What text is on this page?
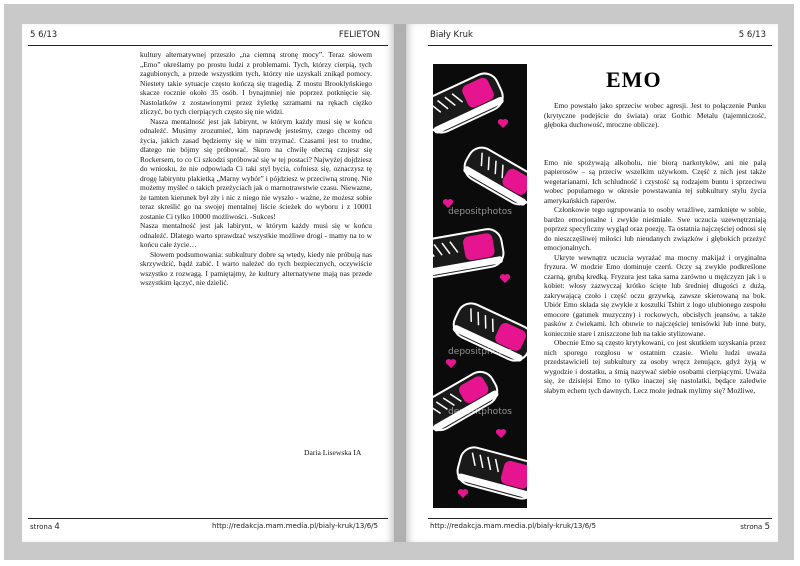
5 6/13	FELIETON

kultury alternatywnej przeszło „na ciemną stronę mocy”. Teraz słowem „Emo” określamy po prostu ludzi z problemami. Tych, którzy cierpią, tych zagubionych, a przede wszystkim tych, którzy nie uzyskali znikąd pomocy. Niestety takie sytuacje często kończą się tragedią. Z mostu Brooklyńskiego skacze rocznie około 35 osób. I bynajmniej nie poprzez potknięcie się. Nastolatków z zostawionymi przez żyletkę szramami na rękach ciężko zliczyć, bo tych cierpiących często się nie widzi.

Nasza mentalność jest jak labirynt, w którym każdy musi się w końcu odnaleźć. Musimy zrozumieć, kim naprawdę jesteśmy, czego chcemy od życia, jakich zasad będziemy się w nim trzymać. Czasami jest to trudne, dlatego nie bójmy się próbować. Skoro na chwilę obecną czujesz się Rockersem, to co Ci szkodzi spróbować się w tej postaci? Najwyżej dojdziesz do wniosku, że nie odpowiada Ci taki styl bycia, cofniesz się, oznaczysz tę drogę labiryntu plakietką „Marny wybór” i pójdziesz w przeciwną stronę. Nie możemy myśleć o takich przeżyciach jak o marnotrawstwie czasu. Niewazne, że tamten kierunek był zły i nic z niego nie wyszło - ważne, że możesz sobie teraz skreślić go na swojej mentalnej liście ścieżek do wyboru i z 10001 zostanie Ci tylko 10000 możliwości. -Sukces!

Nasza mentalność jest jak labirynt, w którym każdy musi się w końcu odnaleźć. Dlatego warto sprawdzać wszystkie możliwe drogi - mamy na to w końcu całe życie…

Słowem podsumowania: subkultury dobre są wtedy, kiedy nie próbują nas skrzywdzić, bądź zabić. I warto należeć do tych bezpiecznych, oczywiście wszystko z rozwagą. I pamiętajmy, że kultury alternatywne mają nas przede wszystkim łączyć, nie dzielić.

Daria Lisewska IA
strona 4	http://redakcja.mam.media.pl/bialy-kruk/13/6/5
Biały Kruk	5 6/13
depositphotos
depositphotos
depositphotos
EMO

Emo powstało jako sprzeciw wobec agresji. Jest to połączenie Punku (krytyczne podejście do świata) oraz Gothic Metalu (tajemniczość, głęboka duchowość, mroczne oblicze).

Emo nie spożywają alkoholu, nie biorą narkotyków, ani nie palą papierosów – są przeciw wszelkim używkom. Część z nich jest także wegetarianami. Ich schludność i czystość są rodzajem buntu i sprzeciwu wobec popularnego w okresie powstawania tej subkultury stylu życia amerykańskich raperów.

Członkowie tego ugrupowania to osoby wrażliwe, zamknięte w sobie, bardzo emocjonalne i zwykle nieśmiałe. Swe uczucia uzewnętrzniają poprzez specyficzny wygląd oraz poezję. Ta ostatnia najczęściej odnosi się do nieszczęśliwej miłości lub nieudanych związków i głębokich przeżyć emocjonalnych.

Ukryte wewnątrz uczucia wyrażać ma mocny makijaż i oryginalna fryzura. W modzie Emo dominuje czerń. Oczy są zwykle podkreślone czarną, grubą kredką. Fryzura jest taka sama zarówno u mężczyzn jak i u kobiet: włosy zazwyczaj krótko ścięte lub średniej długości z dużą, zakrywającą czoło i część oczu grzywką, zawsze skierowaną na bok. Ubiór Emo składa się zwykle z koszulki Tshirt z logo ulubionego zespołu emocore (gatunek muzyczny) i rockowych, obcisłych jeansów, a także pasków z ćwiekami. Ich obuwie to najczęściej tenisówki lub inne buty, koniecznie stare i zniszczone lub na takie stylizowane.

Obecnie Emo są często krytykowani, co jest skutkiem uzyskania przez nich sporego rozgłosu w ostatnim czasie. Wielu ludzi uważa przedstawicieli tej subkultury za osoby wręcz żenujące, gdyż żyją w wygodzie i dostatku, a śmią nazywać siebie osobami cierpiącymi. Uważa się, że dzisiejsi Emo to tylko inaczej się nastolatki, będące zaledwie słabym echem tych dawnych. Lecz może jednak mylimy się? Możliwe,

http://redakcja.mam.media.pl/bialy-kruk/13/6/5	strona 5
